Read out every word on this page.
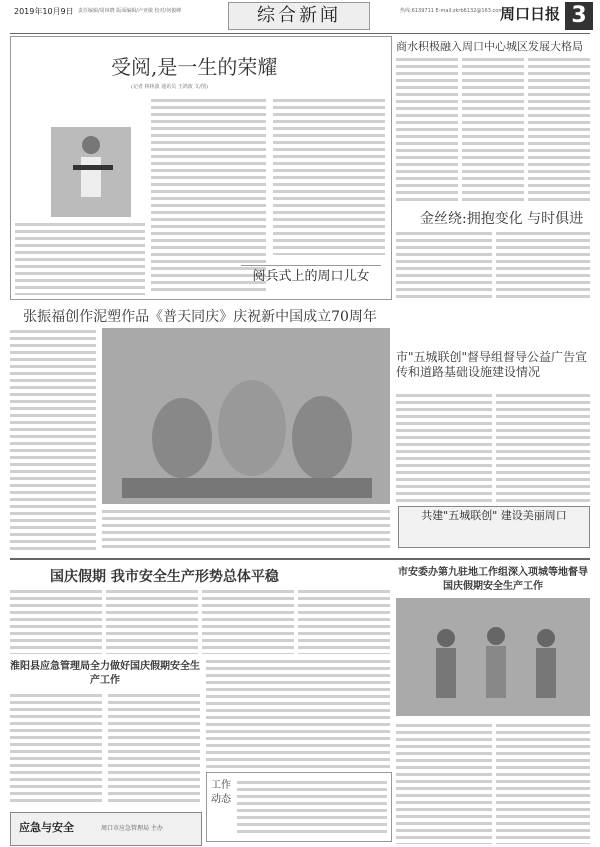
2019年10月9日 责任编辑/周林晓 版面编辑/卢亚敏 校对/何俊峰	综合新闻	热线:6139711 E-mail:zkrb6132@163.com
周口日报 3
受阅,是一生的荣耀
(记者 林林波 通讯员 王鸿波 文/图)
阅兵式上的周口儿女
商水积极融入周口中心城区发展大格局
金丝绕:拥抱变化 与时俱进
张振福创作泥塑作品《普天同庆》庆祝新中国成立70周年
市"五城联创"督导组督导公益广告宣传和道路基础设施建设情况
共建"五城联创" 建设美丽周口
国庆假期 我市安全生产形势总体平稳	市安委办第九驻地工作组深入项城等地督导国庆假期安全生产工作
淮阳县应急管理局全力做好国庆假期安全生产工作
工作动态
应急与安全	周口市应急管理局 主办
